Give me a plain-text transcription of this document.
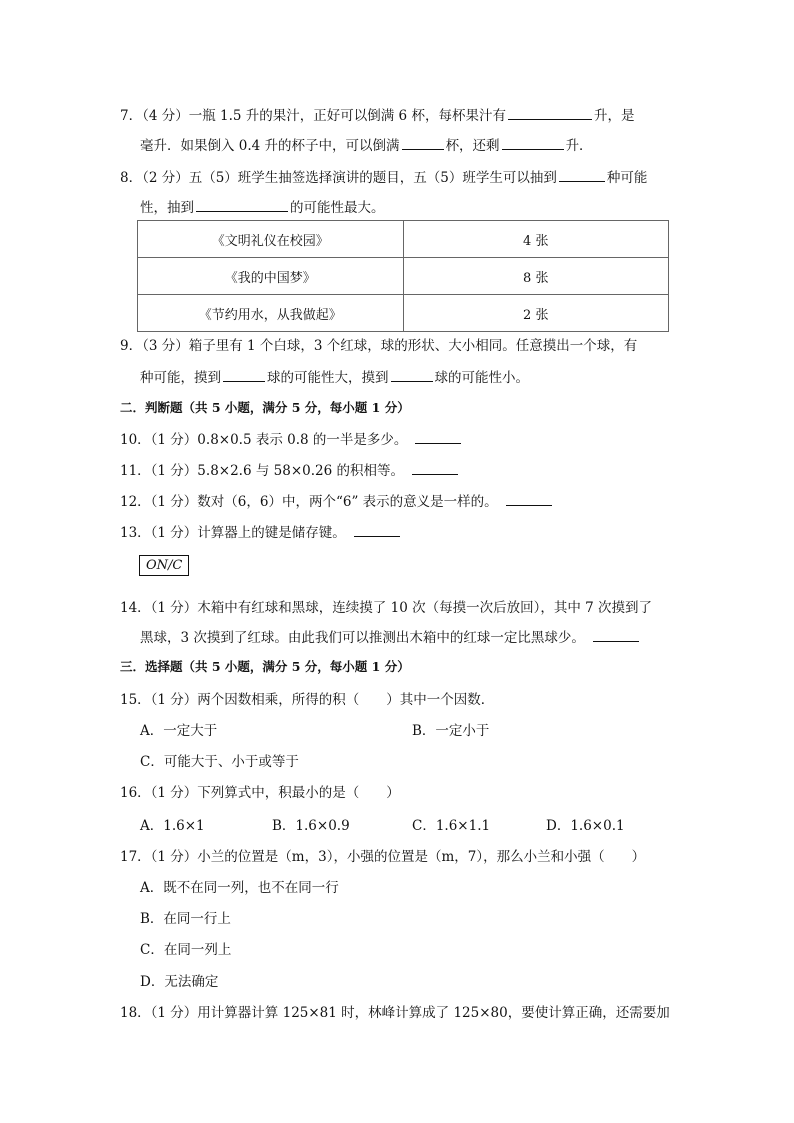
7．（4 分）一瓶 1.5 升的果汁，正好可以倒满 6 杯，每杯果汁有	升，是
毫升．如果倒入 0.4 升的杯子中，可以倒满	杯，还剩	升．
8．（2 分）五（5）班学生抽签选择演讲的题目，五（5）班学生可以抽到	种可能
性，抽到	的可能性最大。
《文明礼仪在校园》	4 张
《我的中国梦》	8 张
《节约用水，从我做起》	2 张
9．（3 分）箱子里有 1 个白球，3 个红球，球的形状、大小相同。任意摸出一个球，有
种可能，摸到	球的可能性大，摸到	球的可能性小。
二．判断题（共 5 小题，满分 5 分，每小题 1 分）
10．（1 分）0.8×0.5 表示 0.8 的一半是多少。
11．（1 分）5.8×2.6 与 58×0.26 的积相等。
12．（1 分）数对（6，6）中，两个“6” 表示的意义是一样的。
13．（1 分）计算器上的键是储存键。
ON/C
14．（1 分）木箱中有红球和黑球，连续摸了 10 次（每摸一次后放回），其中 7 次摸到了
黑球，3 次摸到了红球。由此我们可以推测出木箱中的红球一定比黑球少。
三．选择题（共 5 小题，满分 5 分，每小题 1 分）
15．（1 分）两个因数相乘，所得的积（　　）其中一个因数．
A．一定大于	B．一定小于
C．可能大于、小于或等于
16．（1 分）下列算式中，积最小的是（　　）
A．1.6×1	B．1.6×0.9	C．1.6×1.1	D．1.6×0.1
17．（1 分）小兰的位置是（m，3），小强的位置是（m，7），那么小兰和小强（　　）
A．既不在同一列，也不在同一行
B．在同一行上
C．在同一列上
D．无法确定
18．（1 分）用计算器计算 125×81 时，林峰计算成了 125×80，要使计算正确，还需要加
